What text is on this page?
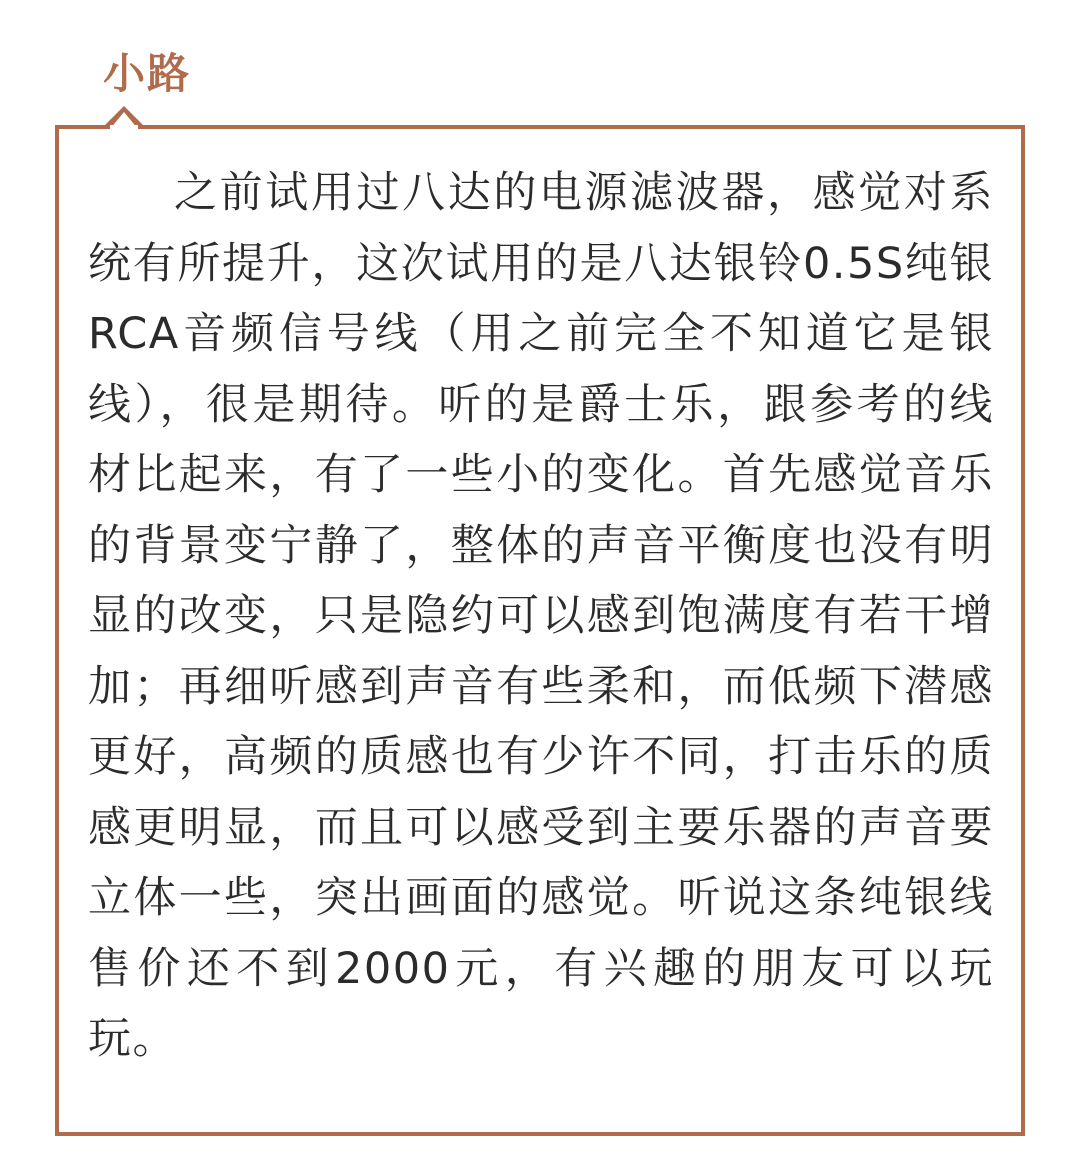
小路

之前试用过八达的电源滤波器，感觉对系统有所提升，这次试用的是八达银铃0.5S纯银RCA音频信号线（用之前完全不知道它是银线），很是期待。听的是爵士乐，跟参考的线材比起来，有了一些小的变化。首先感觉音乐的背景变宁静了，整体的声音平衡度也没有明显的改变，只是隐约可以感到饱满度有若干增加；再细听感到声音有些柔和，而低频下潜感更好，高频的质感也有少许不同，打击乐的质感更明显，而且可以感受到主要乐器的声音要立体一些，突出画面的感觉。听说这条纯银线售价还不到2000元，有兴趣的朋友可以玩玩。
